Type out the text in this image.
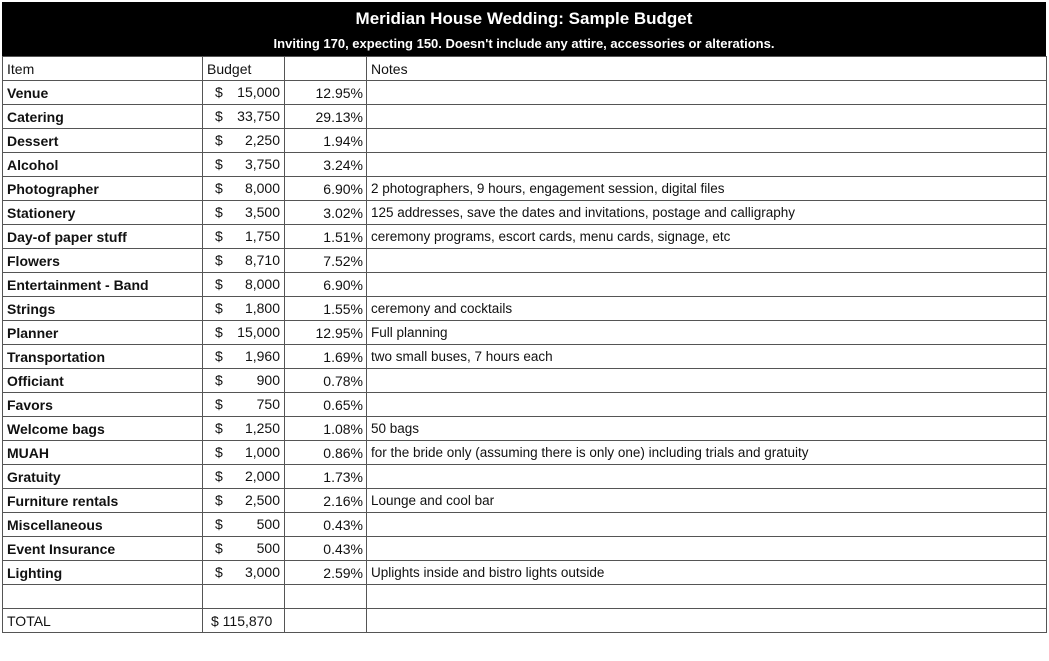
Meridian House Wedding: Sample Budget
Inviting 170, expecting 150. Doesn't include any attire, accessories or alterations.
Item	Budget		Notes
Venue	$ 15,000	12.95%	
Catering	$ 33,750	29.13%	
Dessert	$ 2,250	1.94%	
Alcohol	$ 3,750	3.24%	
Photographer	$ 8,000	6.90%	2 photographers, 9 hours, engagement session, digital files
Stationery	$ 3,500	3.02%	125 addresses, save the dates and invitations, postage and calligraphy
Day-of paper stuff	$ 1,750	1.51%	ceremony programs, escort cards, menu cards, signage, etc
Flowers	$ 8,710	7.52%	
Entertainment - Band	$ 8,000	6.90%	
Strings	$ 1,800	1.55%	ceremony and cocktails
Planner	$ 15,000	12.95%	Full planning
Transportation	$ 1,960	1.69%	two small buses, 7 hours each
Officiant	$ 900	0.78%	
Favors	$ 750	0.65%	
Welcome bags	$ 1,250	1.08%	50 bags
MUAH	$ 1,000	0.86%	for the bride only (assuming there is only one) including trials and gratuity
Gratuity	$ 2,000	1.73%	
Furniture rentals	$ 2,500	2.16%	Lounge and cool bar
Miscellaneous	$ 500	0.43%	
Event Insurance	$ 500	0.43%	
Lighting	$ 3,000	2.59%	Uplights inside and bistro lights outside

TOTAL	$ 115,870		
